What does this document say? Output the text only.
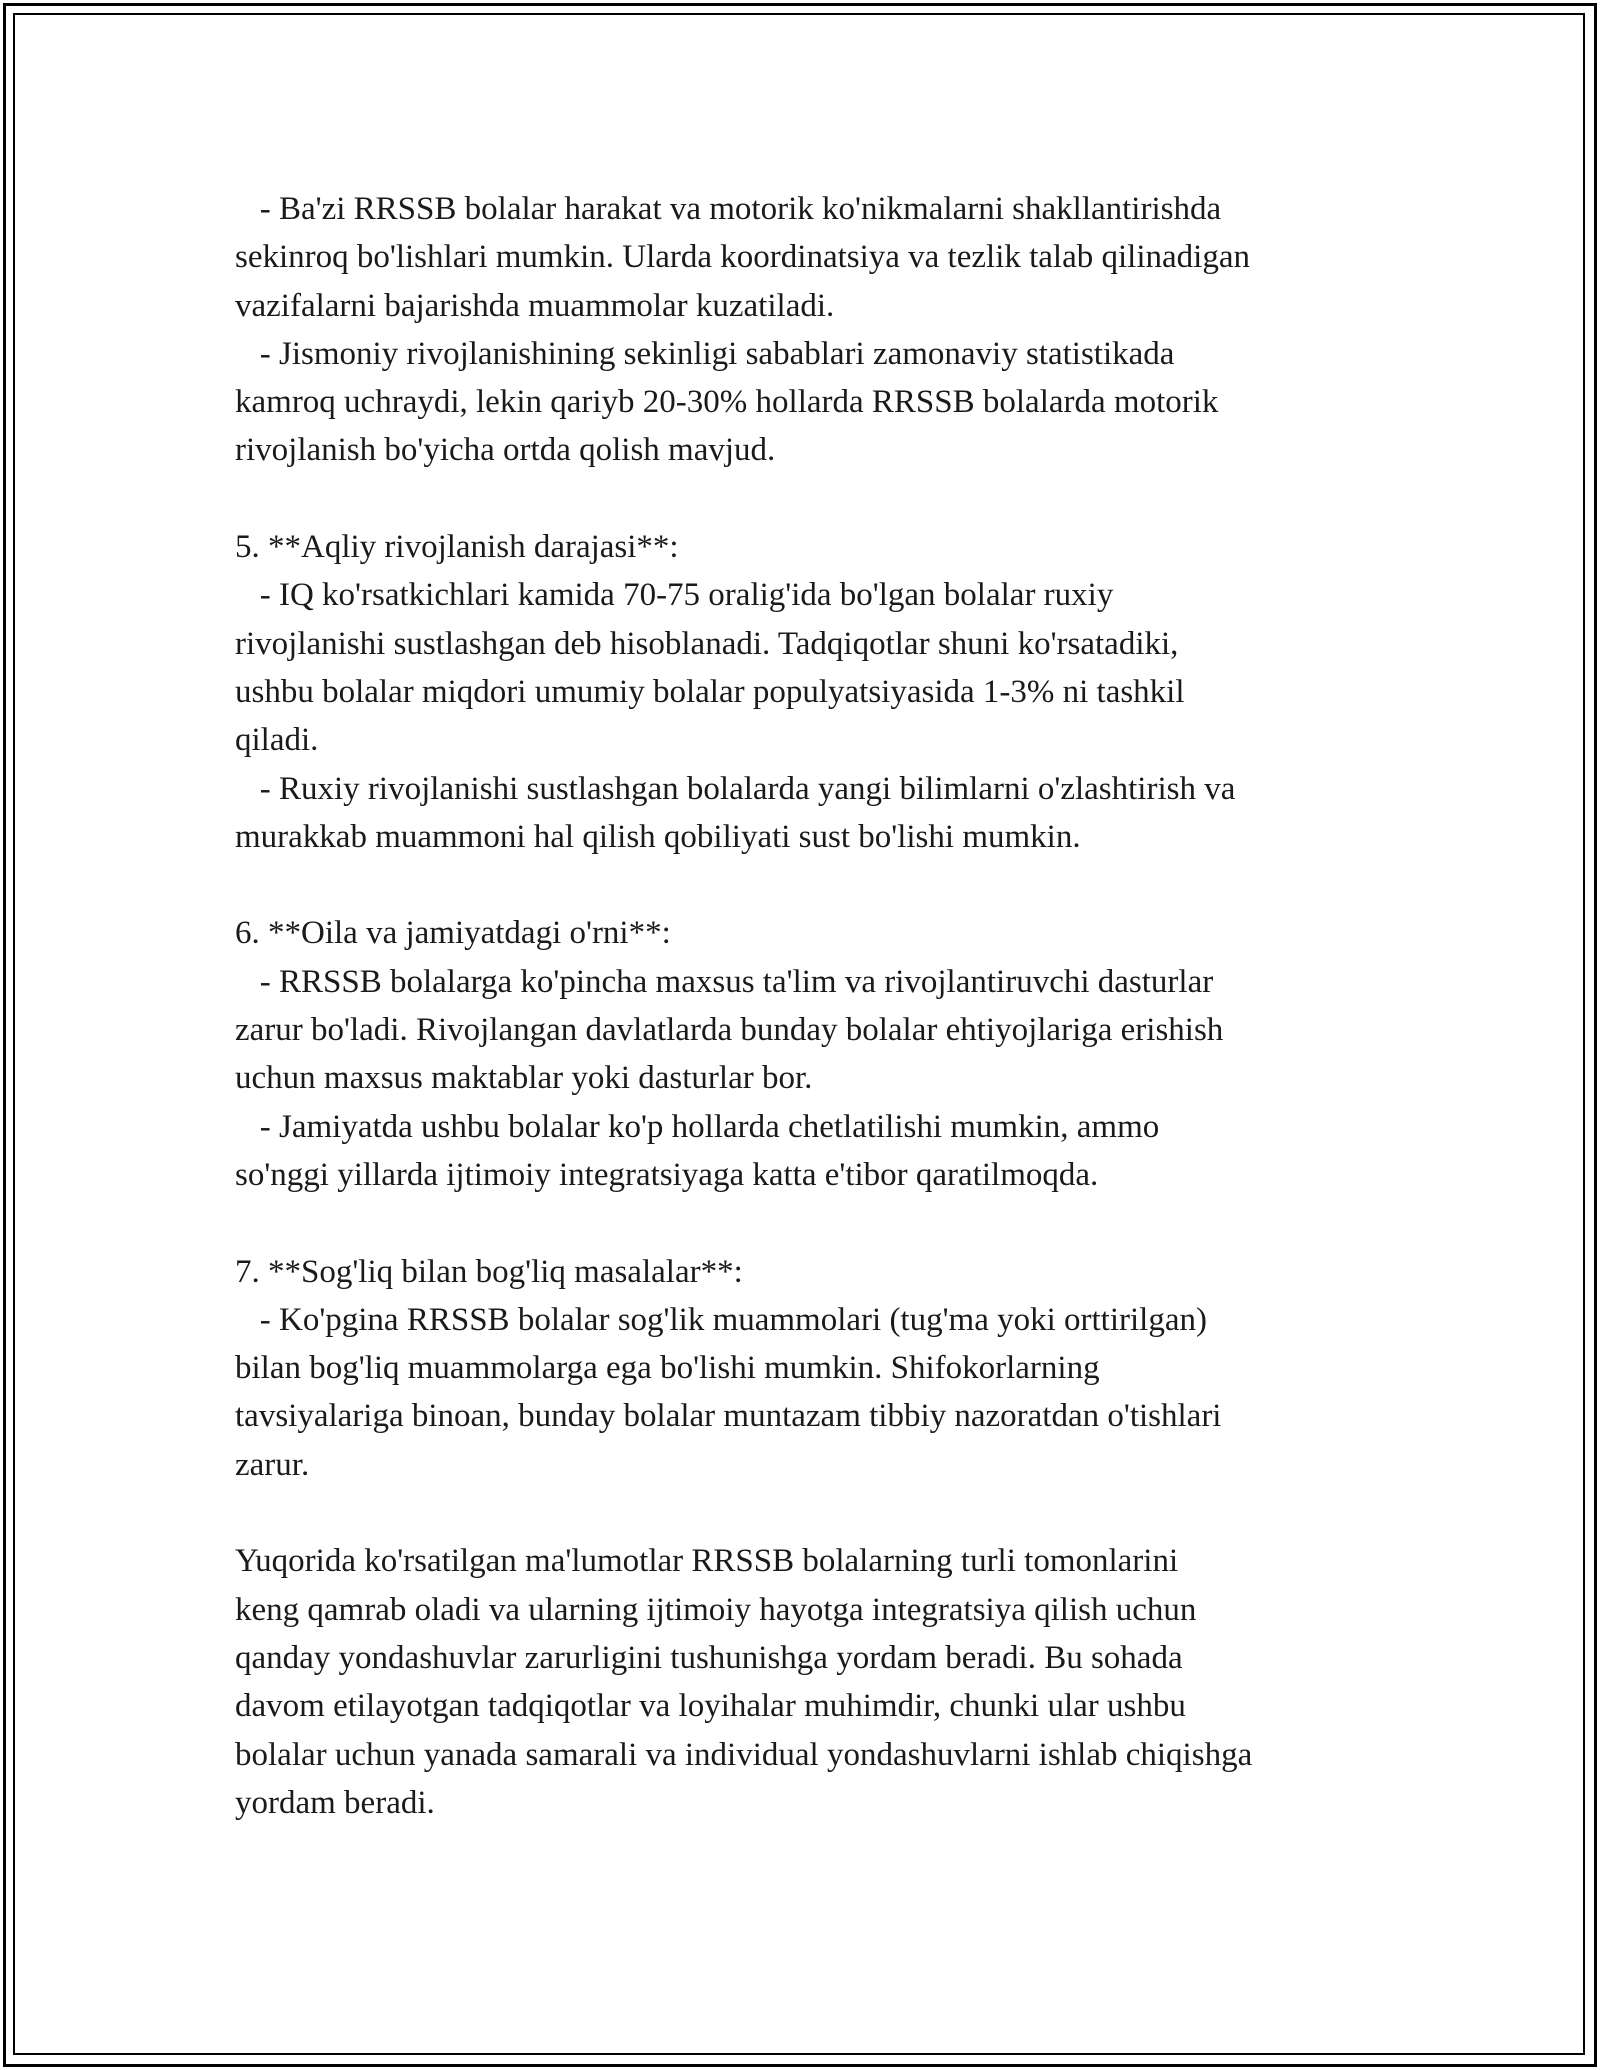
- Ba'zi RRSSB bolalar harakat va motorik ko'nikmalarni shakllantirishda
sekinroq bo'lishlari mumkin. Ularda koordinatsiya va tezlik talab qilinadigan
vazifalarni bajarishda muammolar kuzatiladi.
- Jismoniy rivojlanishining sekinligi sabablari zamonaviy statistikada
kamroq uchraydi, lekin qariyb 20-30% hollarda RRSSB bolalarda motorik
rivojlanish bo'yicha ortda qolish mavjud.
5. **Aqliy rivojlanish darajasi**:
- IQ ko'rsatkichlari kamida 70-75 oralig'ida bo'lgan bolalar ruxiy
rivojlanishi sustlashgan deb hisoblanadi. Tadqiqotlar shuni ko'rsatadiki,
ushbu bolalar miqdori umumiy bolalar populyatsiyasida 1-3% ni tashkil
qiladi.
- Ruxiy rivojlanishi sustlashgan bolalarda yangi bilimlarni o'zlashtirish va
murakkab muammoni hal qilish qobiliyati sust bo'lishi mumkin.
6. **Oila va jamiyatdagi o'rni**:
- RRSSB bolalarga ko'pincha maxsus ta'lim va rivojlantiruvchi dasturlar
zarur bo'ladi. Rivojlangan davlatlarda bunday bolalar ehtiyojlariga erishish
uchun maxsus maktablar yoki dasturlar bor.
- Jamiyatda ushbu bolalar ko'p hollarda chetlatilishi mumkin, ammo
so'nggi yillarda ijtimoiy integratsiyaga katta e'tibor qaratilmoqda.
7. **Sog'liq bilan bog'liq masalalar**:
- Ko'pgina RRSSB bolalar sog'lik muammolari (tug'ma yoki orttirilgan)
bilan bog'liq muammolarga ega bo'lishi mumkin. Shifokorlarning
tavsiyalariga binoan, bunday bolalar muntazam tibbiy nazoratdan o'tishlari
zarur.
Yuqorida ko'rsatilgan ma'lumotlar RRSSB bolalarning turli tomonlarini
keng qamrab oladi va ularning ijtimoiy hayotga integratsiya qilish uchun
qanday yondashuvlar zarurligini tushunishga yordam beradi. Bu sohada
davom etilayotgan tadqiqotlar va loyihalar muhimdir, chunki ular ushbu
bolalar uchun yanada samarali va individual yondashuvlarni ishlab chiqishga
yordam beradi.
